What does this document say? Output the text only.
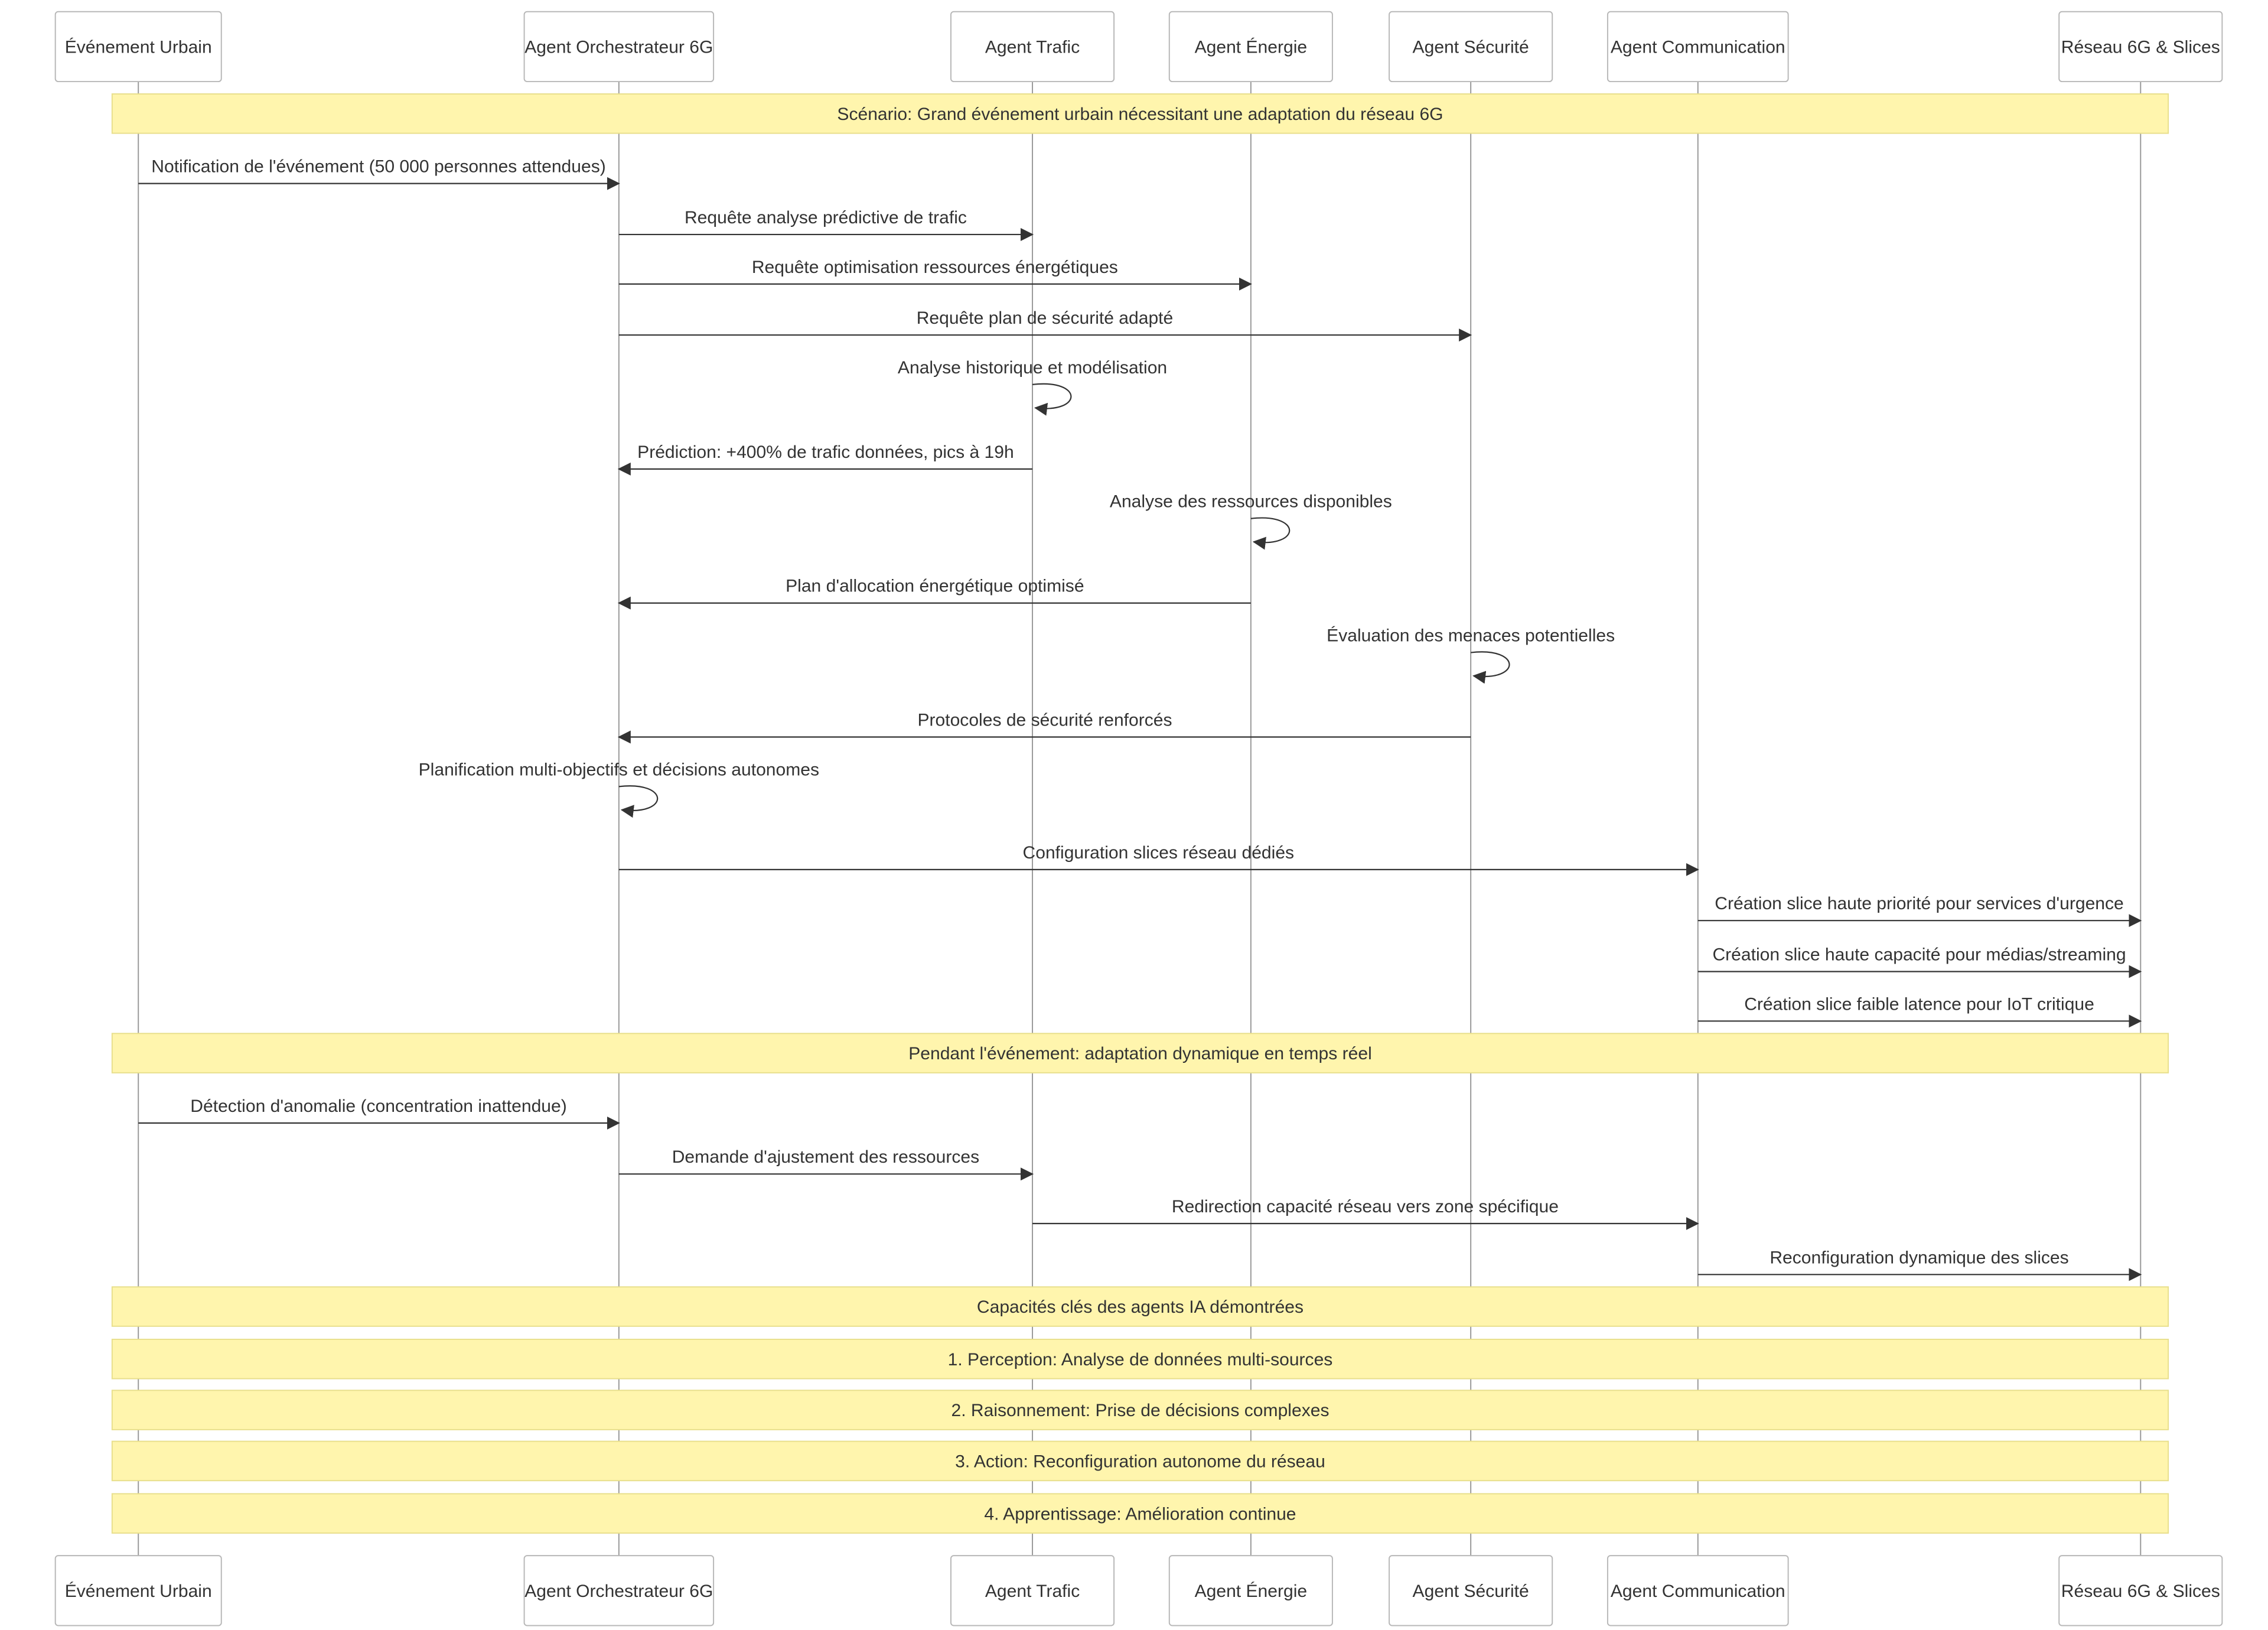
Scénario: Grand événement urbain nécessitant une adaptation du réseau 6G
Pendant l'événement: adaptation dynamique en temps réel
Capacités clés des agents IA démontrées
1. Perception: Analyse de données multi-sources
2. Raisonnement: Prise de décisions complexes
3. Action: Reconfiguration autonome du réseau
4. Apprentissage: Amélioration continue
Notification de l'événement (50 000 personnes attendues)
Requête analyse prédictive de trafic
Requête optimisation ressources énergétiques
Requête plan de sécurité adapté
Analyse historique et modélisation
Prédiction: +400% de trafic données, pics à 19h
Analyse des ressources disponibles
Plan d'allocation énergétique optimisé
Évaluation des menaces potentielles
Protocoles de sécurité renforcés
Planification multi-objectifs et décisions autonomes
Configuration slices réseau dédiés
Création slice haute priorité pour services d'urgence
Création slice haute capacité pour médias/streaming
Création slice faible latence pour IoT critique
Détection d'anomalie (concentration inattendue)
Demande d'ajustement des ressources
Redirection capacité réseau vers zone spécifique
Reconfiguration dynamique des slices
Événement Urbain
Événement Urbain
Agent Orchestrateur 6G
Agent Orchestrateur 6G
Agent Trafic
Agent Trafic
Agent Énergie
Agent Énergie
Agent Sécurité
Agent Sécurité
Agent Communication
Agent Communication
Réseau 6G & Slices
Réseau 6G & Slices
